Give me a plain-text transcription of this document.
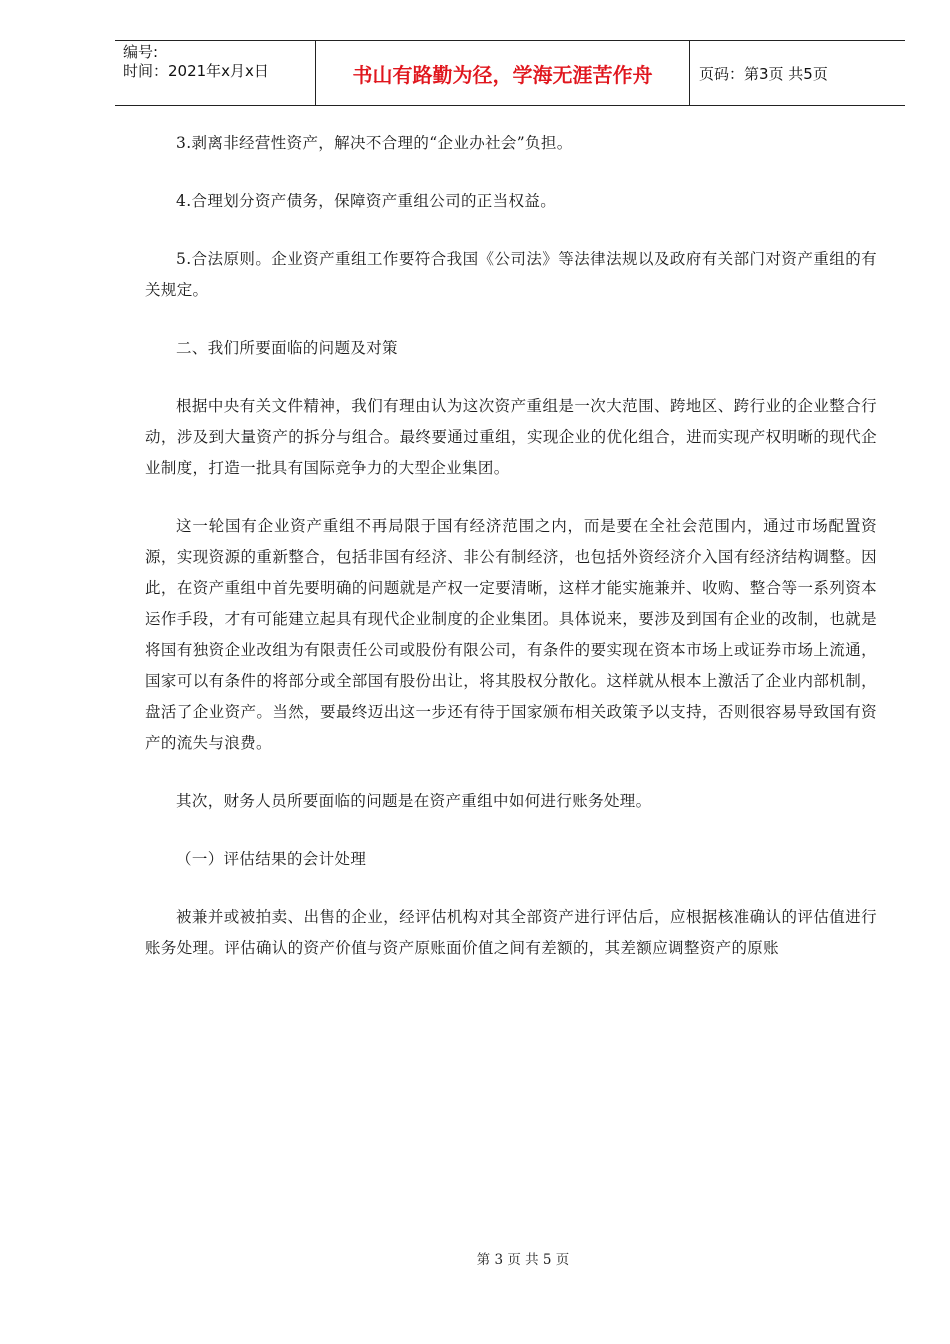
编号:
时间：2021年x月x日	书山有路勤为径，学海无涯苦作舟	页码：第3页 共5页

3.剥离非经营性资产，解决不合理的“企业办社会”负担。

4.合理划分资产债务，保障资产重组公司的正当权益。

5.合法原则。企业资产重组工作要符合我国《公司法》等法律法规以及政府有关部门对资产重组的有关规定。

二、我们所要面临的问题及对策

根据中央有关文件精神，我们有理由认为这次资产重组是一次大范围、跨地区、跨行业的企业整合行动，涉及到大量资产的拆分与组合。最终要通过重组，实现企业的优化组合，进而实现产权明晰的现代企业制度，打造一批具有国际竞争力的大型企业集团。

这一轮国有企业资产重组不再局限于国有经济范围之内，而是要在全社会范围内，通过市场配置资源，实现资源的重新整合，包括非国有经济、非公有制经济，也包括外资经济介入国有经济结构调整。因此，在资产重组中首先要明确的问题就是产权一定要清晰，这样才能实施兼并、收购、整合等一系列资本运作手段，才有可能建立起具有现代企业制度的企业集团。具体说来，要涉及到国有企业的改制，也就是将国有独资企业改组为有限责任公司或股份有限公司，有条件的要实现在资本市场上或证券市场上流通，国家可以有条件的将部分或全部国有股份出让，将其股权分散化。这样就从根本上激活了企业内部机制，盘活了企业资产。当然，要最终迈出这一步还有待于国家颁布相关政策予以支持，否则很容易导致国有资产的流失与浪费。

其次，财务人员所要面临的问题是在资产重组中如何进行账务处理。

（一）评估结果的会计处理

被兼并或被拍卖、出售的企业，经评估机构对其全部资产进行评估后，应根据核准确认的评估值进行账务处理。评估确认的资产价值与资产原账面价值之间有差额的，其差额应调整资产的原账

第 3 页 共 5 页
